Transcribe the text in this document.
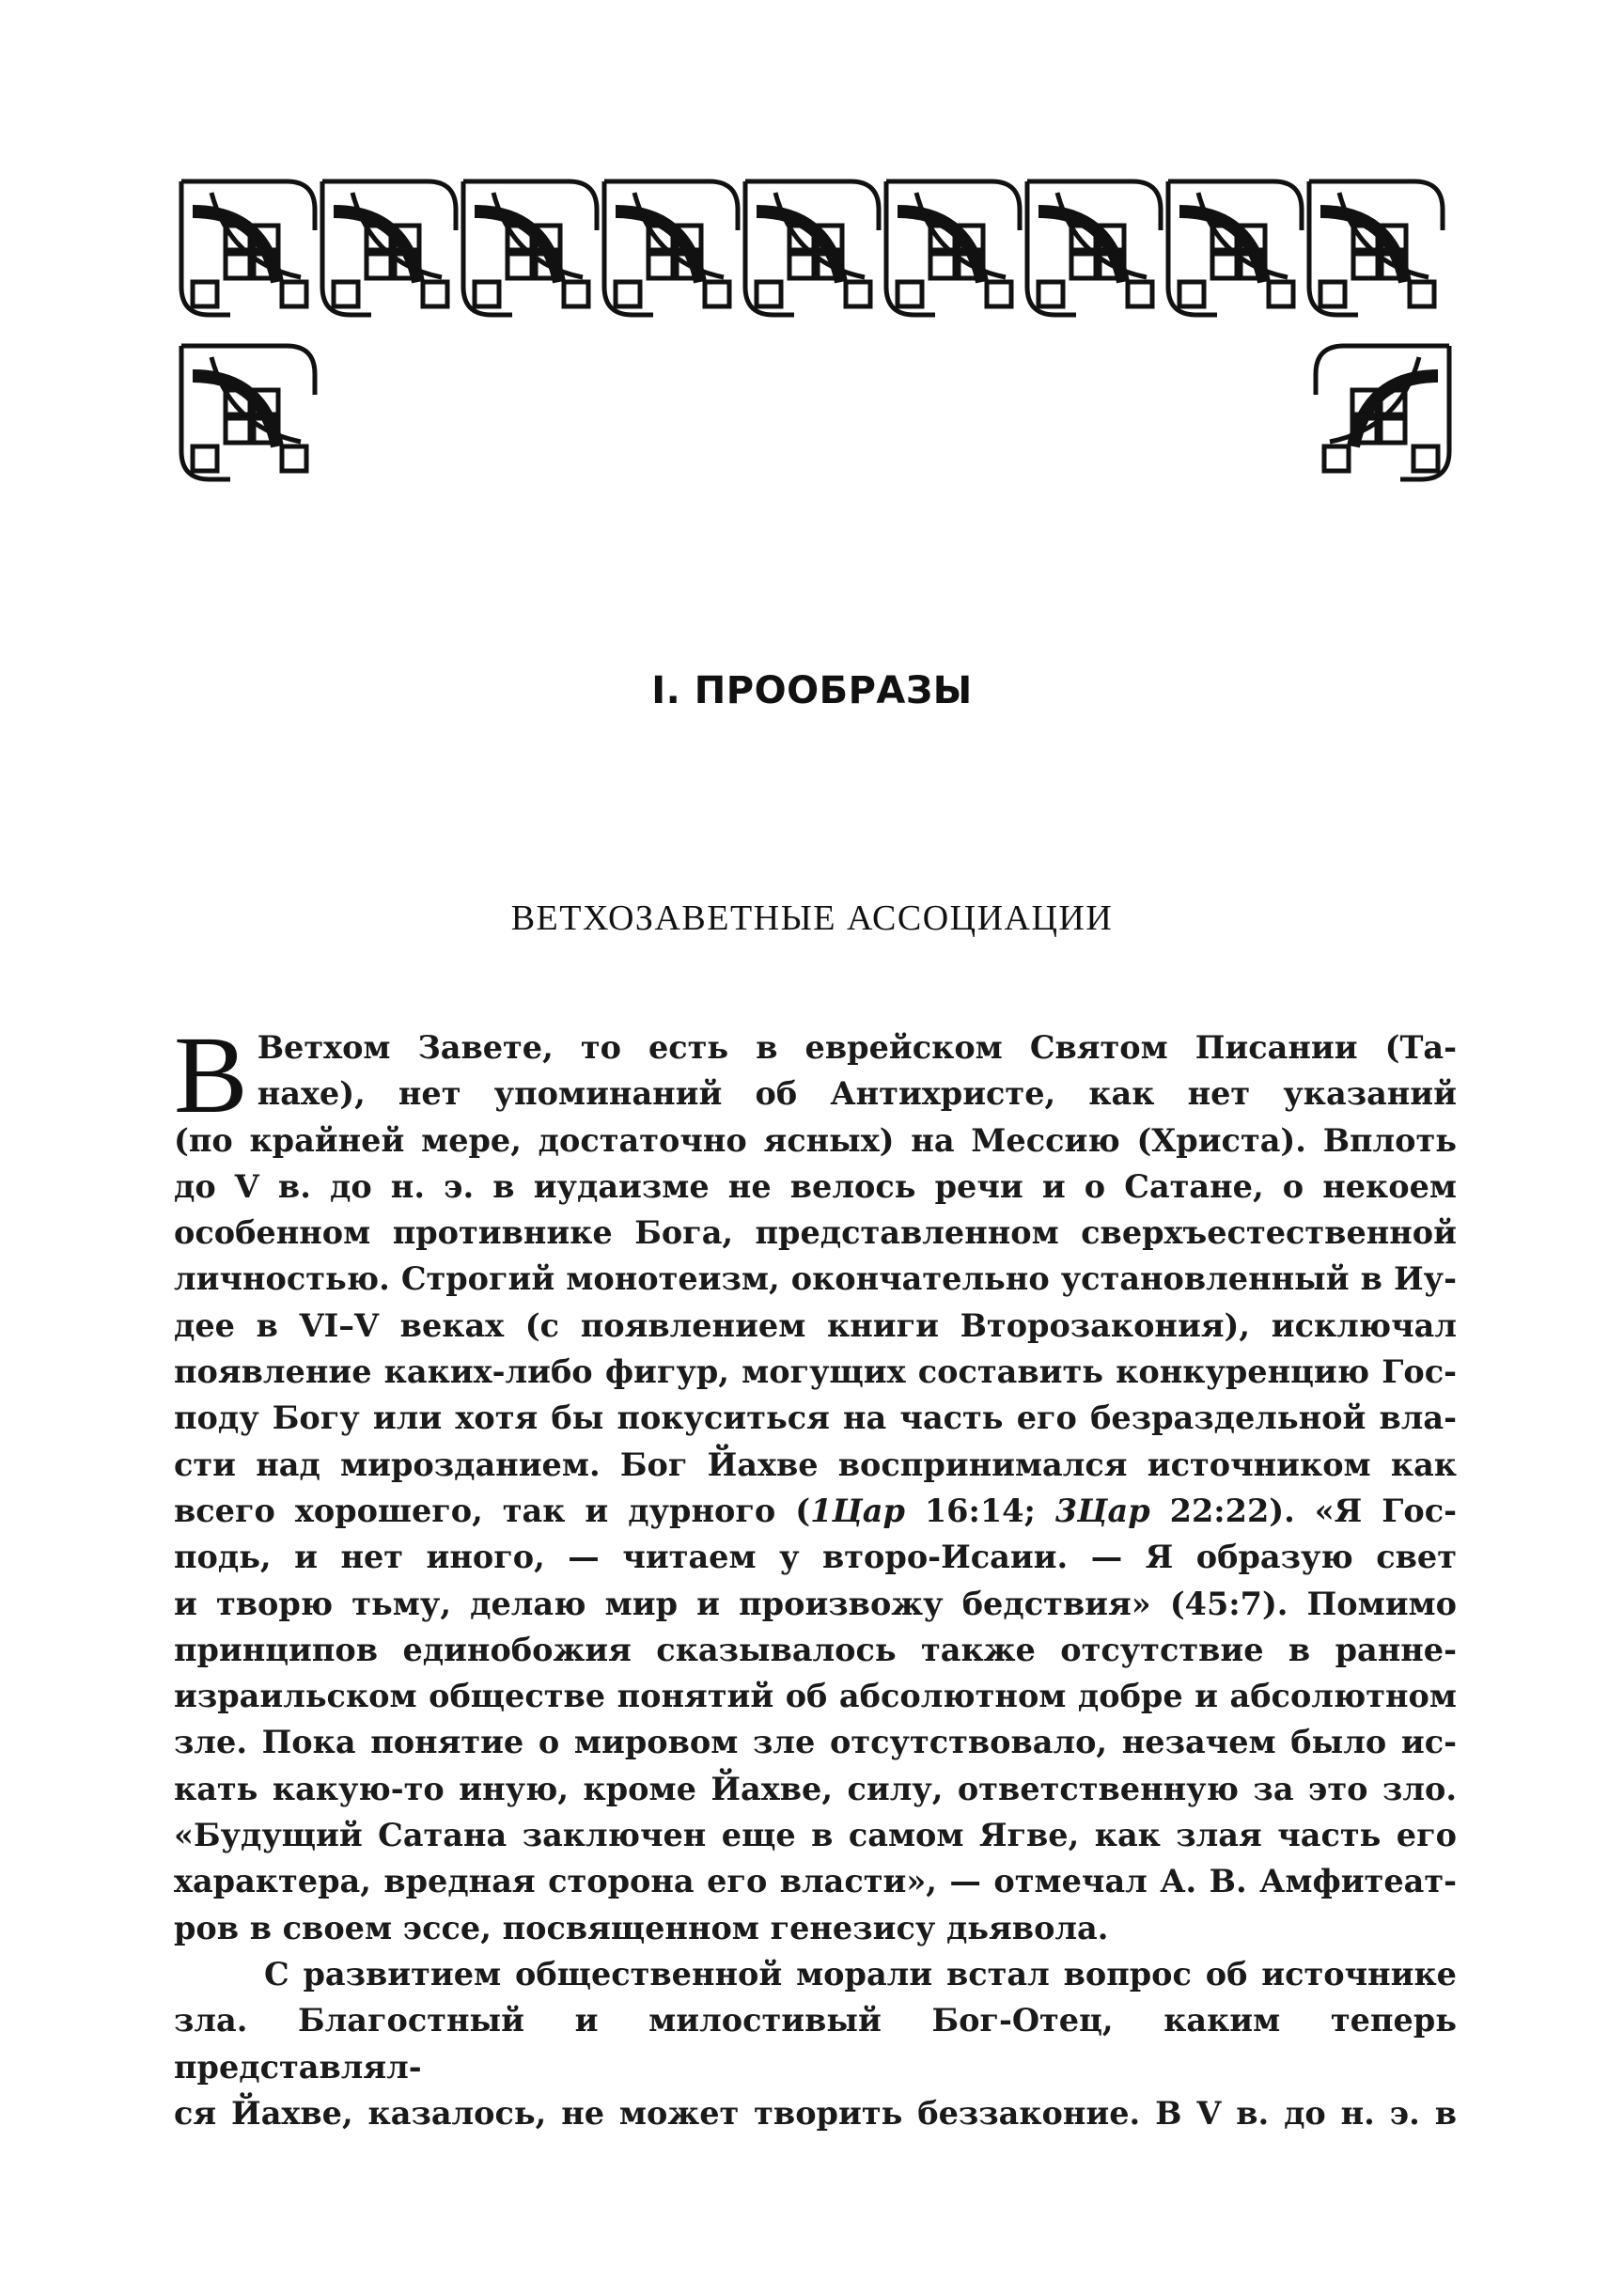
I. ПРООБРАЗЫ
ВЕТХОЗАВЕТНЫЕ АССОЦИАЦИИ

В Ветхом Завете, то есть в еврейском Святом Писании (Та-
нахе), нет упоминаний об Антихристе, как нет указаний
(по крайней мере, достаточно ясных) на Мессию (Христа). Вплоть
до V в. до н. э. в иудаизме не велось речи и о Сатане, о некоем
особенном противнике Бога, представленном сверхъестественной
личностью. Строгий монотеизм, окончательно установленный в Иу-
дее в VI–V веках (с появлением книги Второзакония), исключал
появление каких-либо фигур, могущих составить конкуренцию Гос-
поду Богу или хотя бы покуситься на часть его безраздельной вла-
сти над мирозданием. Бог Йахве воспринимался источником как
всего хорошего, так и дурного (1Цар 16:14; 3Цар 22:22). «Я Гос-
подь, и нет иного, — читаем у второ-Исаии. — Я образую свет
и творю тьму, делаю мир и произвожу бедствия» (45:7). Помимо
принципов единобожия сказывалось также отсутствие в ранне-
израильском обществе понятий об абсолютном добре и абсолютном
зле. Пока понятие о мировом зле отсутствовало, незачем было ис-
кать какую-то иную, кроме Йахве, силу, ответственную за это зло.
«Будущий Сатана заключен еще в самом Ягве, как злая часть его
характера, вредная сторона его власти», — отмечал А. В. Амфитеат-
ров в своем эссе, посвященном генезису дьявола.

С развитием общественной морали встал вопрос об источнике
зла. Благостный и милостивый Бог-Отец, каким теперь представлял-
ся Йахве, казалось, не может творить беззаконие. В V в. до н. э. в
